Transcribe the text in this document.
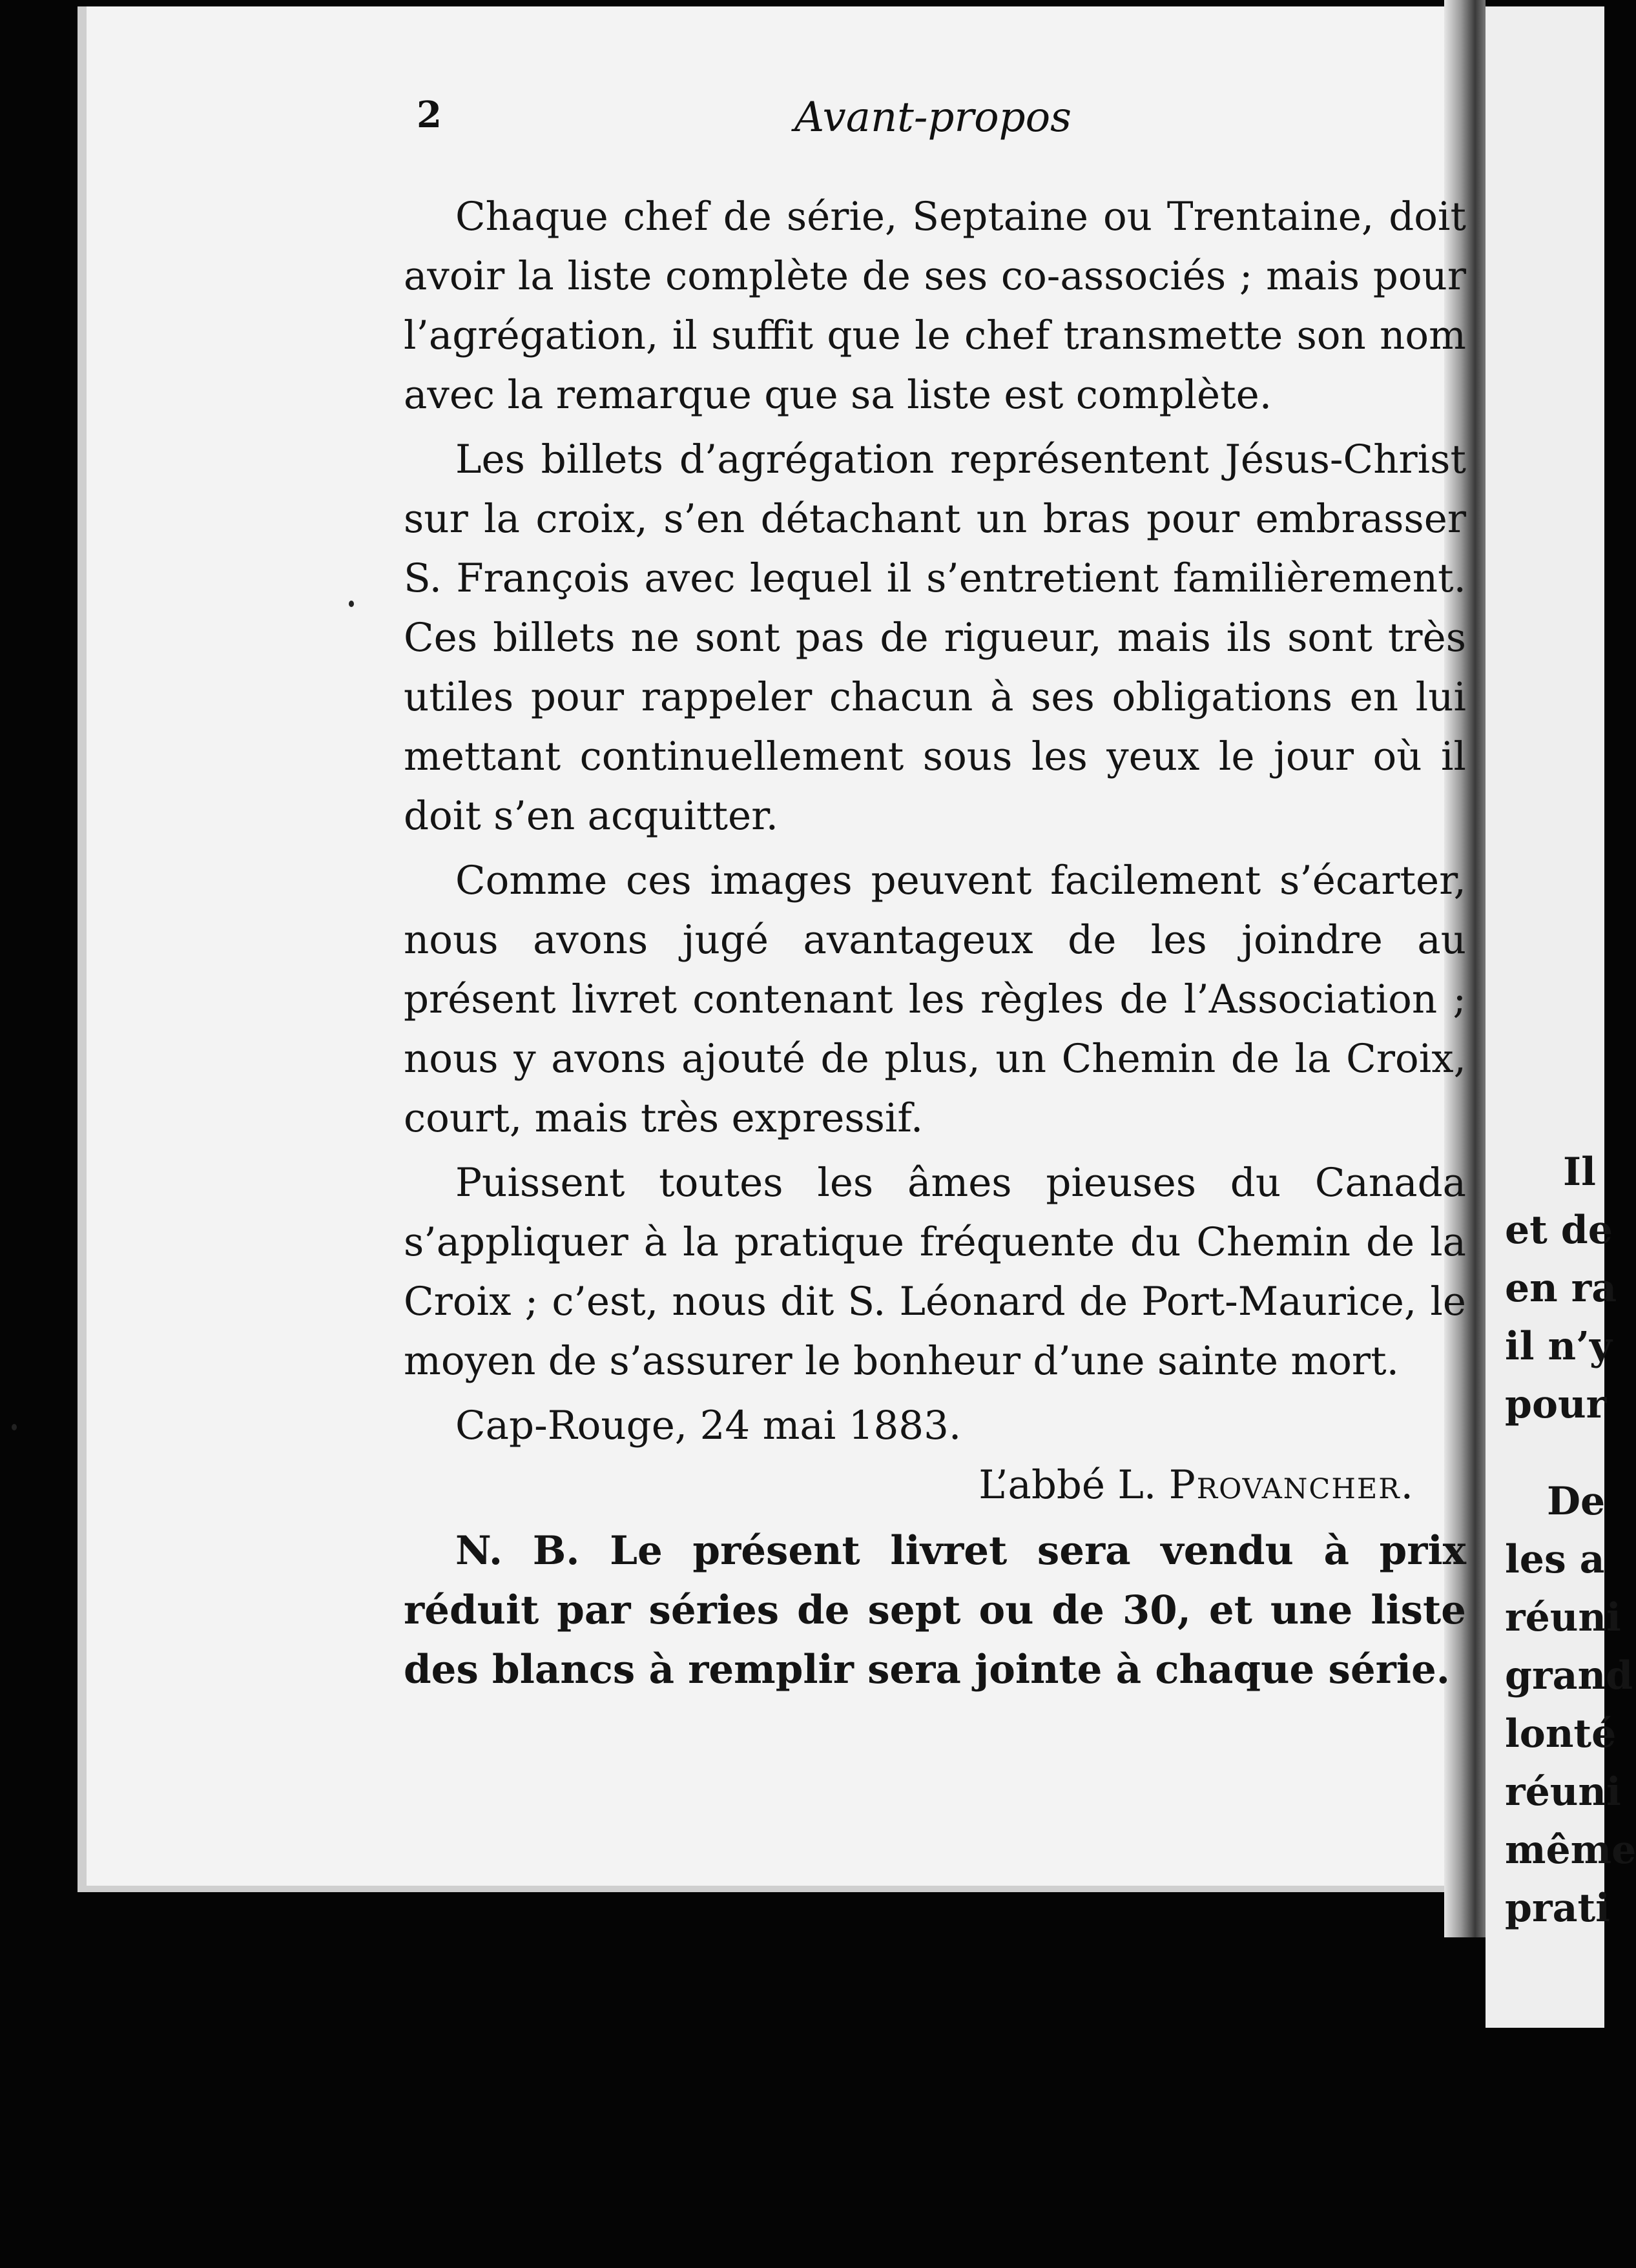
2	Avant-propos

Chaque chef de série, Septaine ou Trentaine, doit avoir la liste complète de ses co-associés ; mais pour l’agrégation, il suffit que le chef transmette son nom avec la remarque que sa liste est complète.

Les billets d’agrégation représentent Jésus-Christ sur la croix, s’en détachant un bras pour embrasser S. François avec lequel il s’entretient familièrement. Ces billets ne sont pas de rigueur, mais ils sont très utiles pour rappeler chacun à ses obligations en lui mettant continuellement sous les yeux le jour où il doit s’en acquitter.

Comme ces images peuvent facilement s’écarter, nous avons jugé avantageux de les joindre au présent livret contenant les règles de l’Association ; nous y avons ajouté de plus, un Chemin de la Croix, court, mais très expressif.

Puissent toutes les âmes pieuses du Canada s’appliquer à la pratique fréquente du Chemin de la Croix ; c’est, nous dit S. Léonard de Port-Maurice, le moyen de s’assurer le bonheur d’une sainte mort.

Cap-Rouge, 24 mai 1883.

L’abbé L. Provancher.

N. B. Le présent livret sera vendu à prix réduit par séries de sept ou de 30, et une liste des blancs à remplir sera jointe à chaque série.

Il
et de
en ra
il n’y
pour
De
les a
réuni
grand
lonté
réuni
même
prati
